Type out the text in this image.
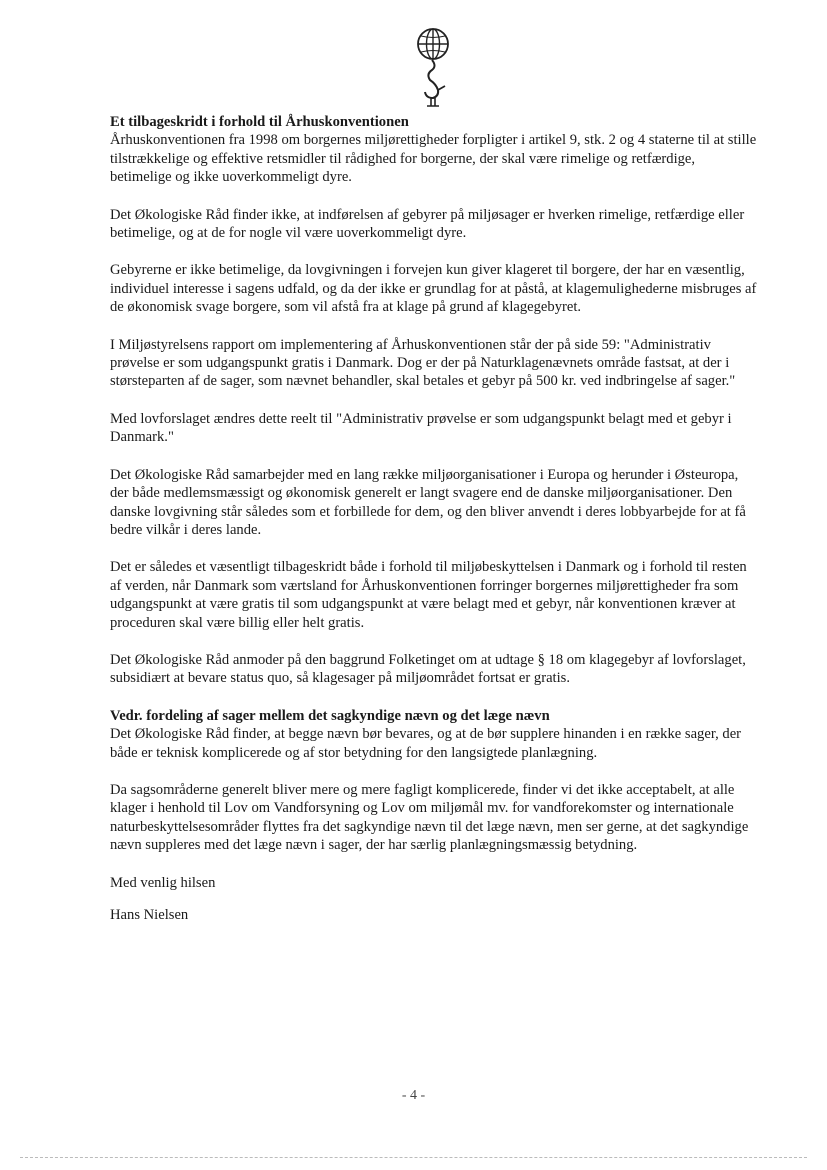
Et tilbageskridt i forhold til Århuskonventionen

Århuskonventionen fra 1998 om borgernes miljørettigheder forpligter i artikel 9, stk. 2 og 4 staterne til at stille tilstrækkelige og effektive retsmidler til rådighed for borgerne, der skal være rimelige og retfærdige, betimelige og ikke uoverkommeligt dyre.

Det Økologiske Råd finder ikke, at indførelsen af gebyrer på miljøsager er hverken rimelige, retfærdige eller betimelige, og at de for nogle vil være uoverkommeligt dyre.

Gebyrerne er ikke betimelige, da lovgivningen i forvejen kun giver klageret til borgere, der har en væsentlig, individuel interesse i sagens udfald, og da der ikke er grundlag for at påstå, at klagemulighederne misbruges af de økonomisk svage borgere, som vil afstå fra at klage på grund af klagegebyret.

I Miljøstyrelsens rapport om implementering af Århuskonventionen står der på side 59: "Administrativ prøvelse er som udgangspunkt gratis i Danmark. Dog er der på Naturklagenævnets område fastsat, at der i størsteparten af de sager, som nævnet behandler, skal betales et gebyr på 500 kr. ved indbringelse af sager."

Med lovforslaget ændres dette reelt til "Administrativ prøvelse er som udgangspunkt belagt med et gebyr i Danmark."

Det Økologiske Råd samarbejder med en lang række miljøorganisationer i Europa og herunder i Østeuropa, der både medlemsmæssigt og økonomisk generelt er langt svagere end de danske miljøorganisationer. Den danske lovgivning står således som et forbillede for dem, og den bliver anvendt i deres lobbyarbejde for at få bedre vilkår i deres lande.

Det er således et væsentligt tilbageskridt både i forhold til miljøbeskyttelsen i Danmark og i forhold til resten af verden, når Danmark som værtsland for Århuskonventionen forringer borgernes miljørettigheder fra som udgangspunkt at være gratis til som udgangspunkt at være belagt med et gebyr, når konventionen kræver at proceduren skal være billig eller helt gratis.

Det Økologiske Råd anmoder på den baggrund Folketinget om at udtage § 18 om klagegebyr af lovforslaget, subsidiært at bevare status quo, så klagesager på miljøområdet fortsat er gratis.

Vedr. fordeling af sager mellem det sagkyndige nævn og det læge nævn

Det Økologiske Råd finder, at begge nævn bør bevares, og at de bør supplere hinanden i en række sager, der både er teknisk komplicerede og af stor betydning for den langsigtede planlægning.

Da sagsområderne generelt bliver mere og mere fagligt komplicerede, finder vi det ikke acceptabelt, at alle klager i henhold til Lov om Vandforsyning og Lov om miljømål mv. for vandforekomster og internationale naturbeskyttelsesområder flyttes fra det sagkyndige nævn til det læge nævn, men ser gerne, at det sagkyndige nævn suppleres med det læge nævn i sager, der har særlig planlægningsmæssig betydning.

Med venlig hilsen

Hans Nielsen

- 4 -
